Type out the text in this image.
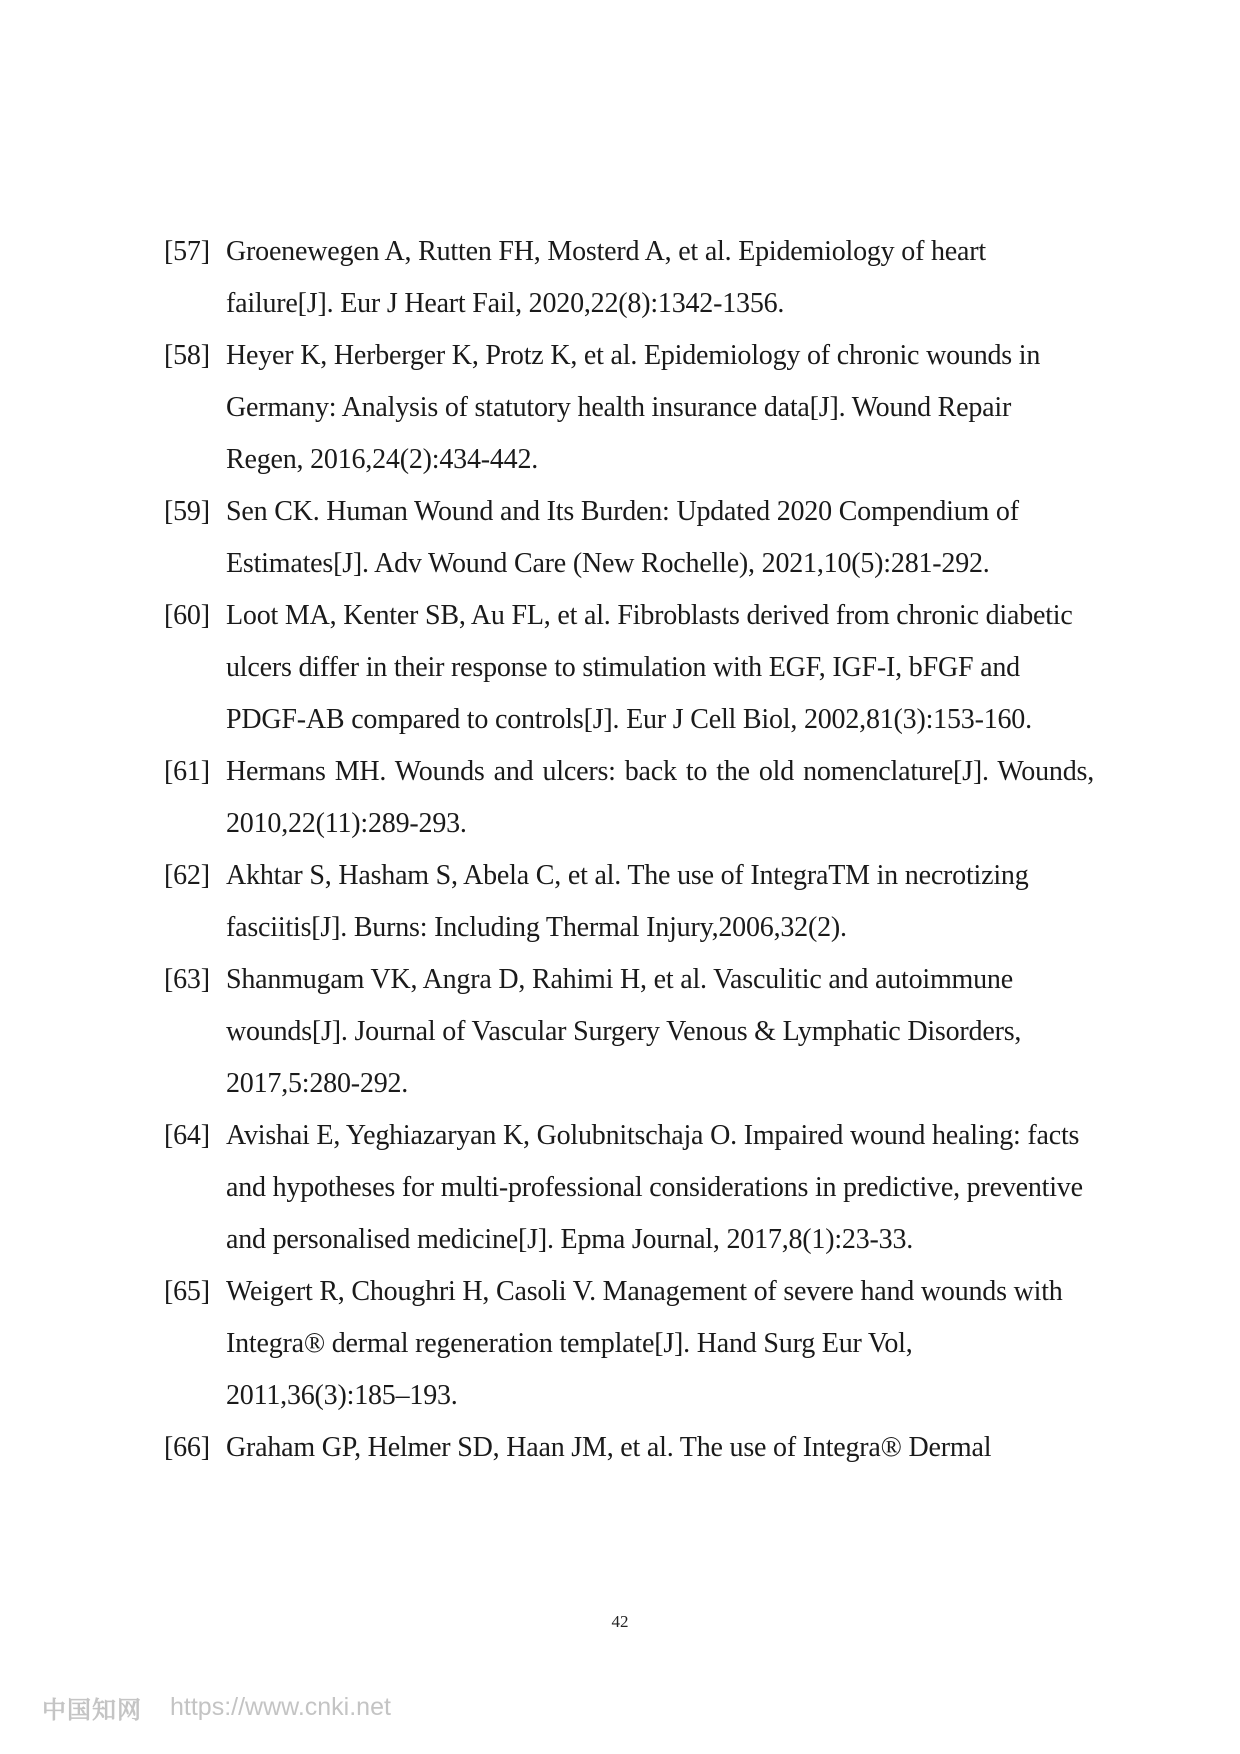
[57] Groenewegen A, Rutten FH, Mosterd A, et al. Epidemiology of heart failure[J]. Eur J Heart Fail, 2020,22(8):1342-1356.
[58] Heyer K, Herberger K, Protz K, et al. Epidemiology of chronic wounds in Germany: Analysis of statutory health insurance data[J]. Wound Repair Regen, 2016,24(2):434-442.
[59] Sen CK. Human Wound and Its Burden: Updated 2020 Compendium of Estimates[J]. Adv Wound Care (New Rochelle), 2021,10(5):281-292.
[60] Loot MA, Kenter SB, Au FL, et al. Fibroblasts derived from chronic diabetic ulcers differ in their response to stimulation with EGF, IGF-I, bFGF and PDGF-AB compared to controls[J]. Eur J Cell Biol, 2002,81(3):153-160.
[61] Hermans MH. Wounds and ulcers: back to the old nomenclature[J]. Wounds, 2010,22(11):289-293.
[62] Akhtar S, Hasham S, Abela C, et al. The use of IntegraTM in necrotizing fasciitis[J]. Burns: Including Thermal Injury,2006,32(2).
[63] Shanmugam VK, Angra D, Rahimi H, et al. Vasculitic and autoimmune wounds[J]. Journal of Vascular Surgery Venous & Lymphatic Disorders, 2017,5:280-292.
[64] Avishai E, Yeghiazaryan K, Golubnitschaja O. Impaired wound healing: facts and hypotheses for multi-professional considerations in predictive, preventive and personalised medicine[J]. Epma Journal, 2017,8(1):23-33.
[65] Weigert R, Choughri H, Casoli V. Management of severe hand wounds with Integra® dermal regeneration template[J]. Hand Surg Eur Vol, 2011,36(3):185–193.
[66] Graham GP, Helmer SD, Haan JM, et al. The use of Integra® Dermal
42
中国知网 https://www.cnki.net
